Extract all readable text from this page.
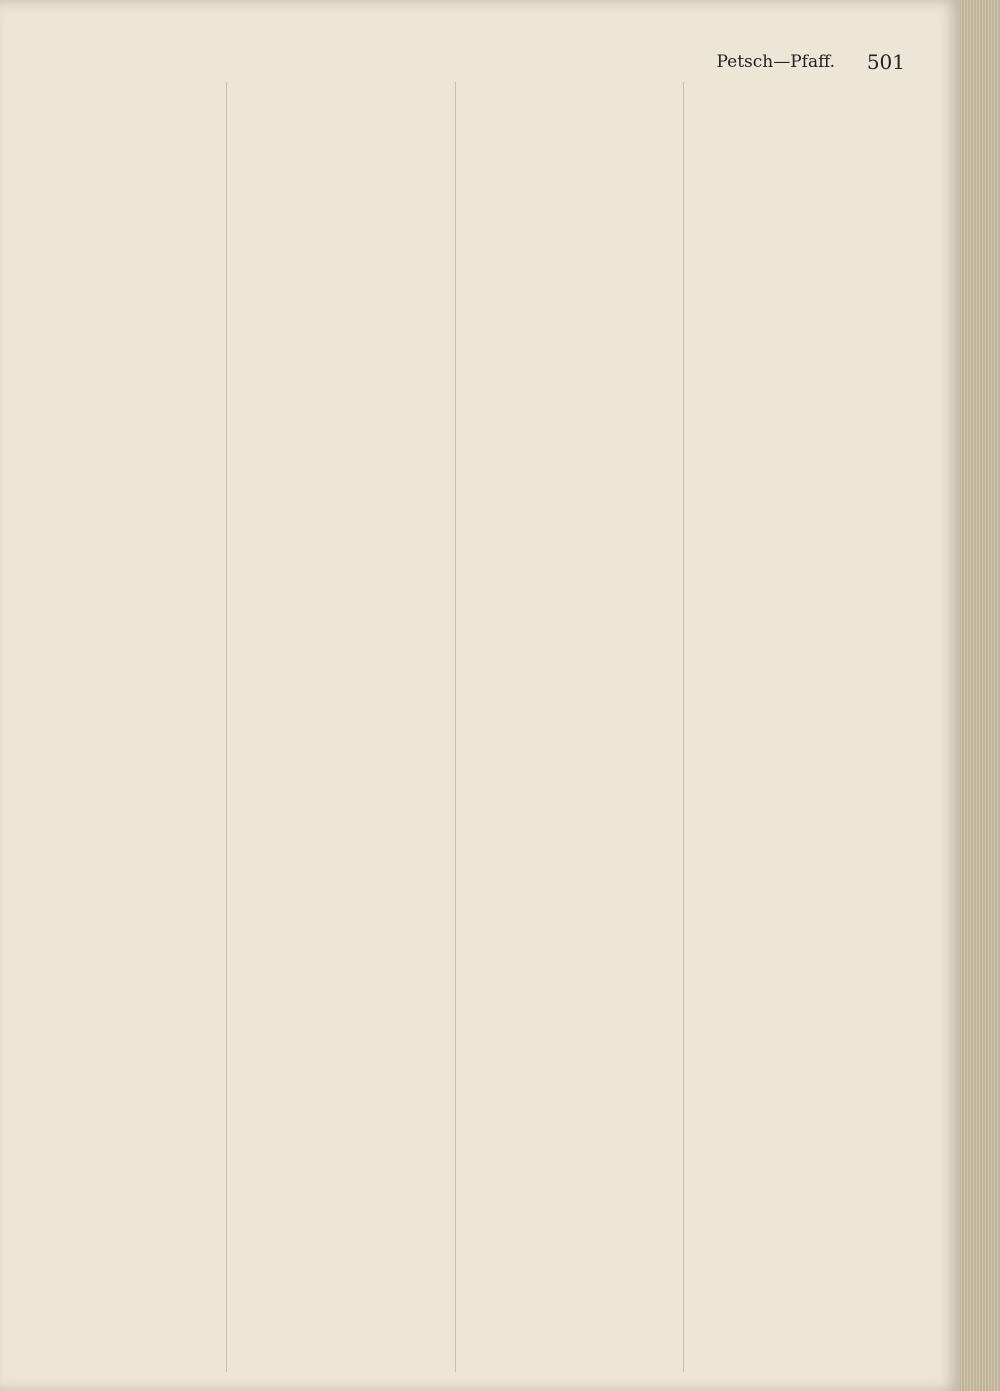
Petsch—Pfaff. 501
